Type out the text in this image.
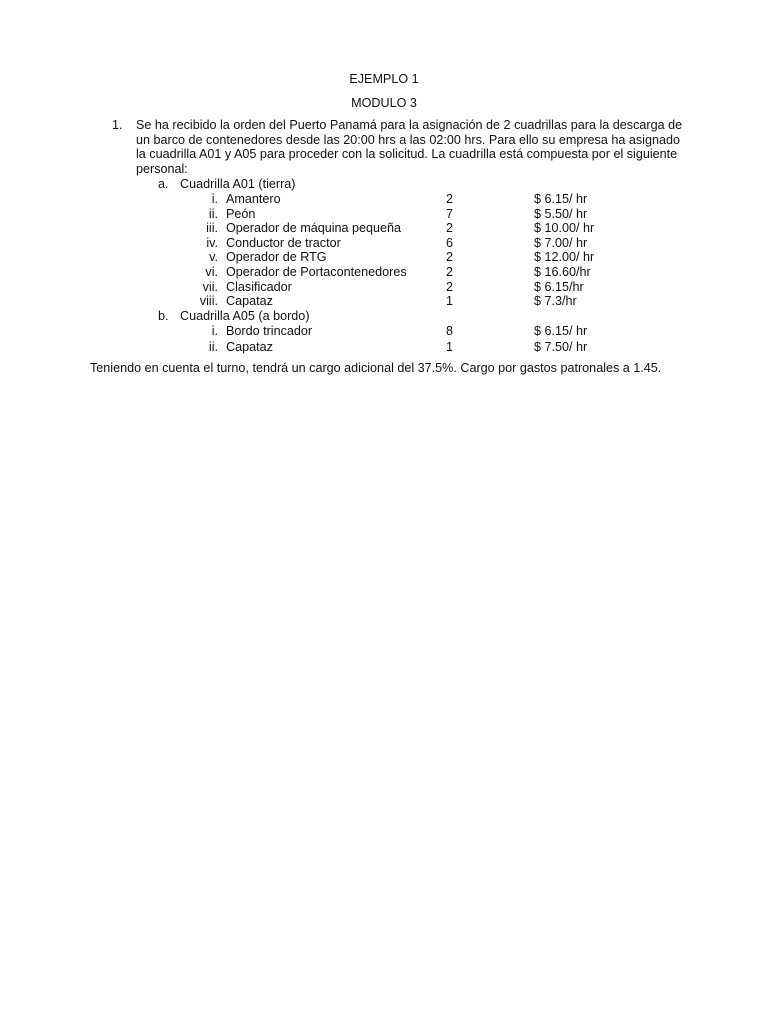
EJEMPLO 1
MODULO 3
1.	Se ha recibido la orden del Puerto Panamá para la asignación de 2 cuadrillas para la descarga de un barco de contenedores desde las 20:00 hrs a las 02:00 hrs. Para ello su empresa ha asignado la cuadrilla A01 y A05 para proceder con la solicitud. La cuadrilla está compuesta por el siguiente personal:
a. Cuadrilla A01 (tierra)
i. Amantero	2	$ 6.15/ hr
ii. Peón	7	$ 5.50/ hr
iii. Operador de máquina pequeña	2	$ 10.00/ hr
iv. Conductor de tractor	6	$ 7.00/ hr
v. Operador de RTG	2	$ 12.00/ hr
vi. Operador de Portacontenedores	2	$ 16.60/hr
vii. Clasificador	2	$ 6.15/hr
viii. Capataz	1	$ 7.3/hr
b. Cuadrilla A05 (a bordo)
i. Bordo trincador	8	$ 6.15/ hr
ii. Capataz	1	$ 7.50/ hr
Teniendo en cuenta el turno, tendrá un cargo adicional del 37.5%. Cargo por gastos patronales a 1.45.
